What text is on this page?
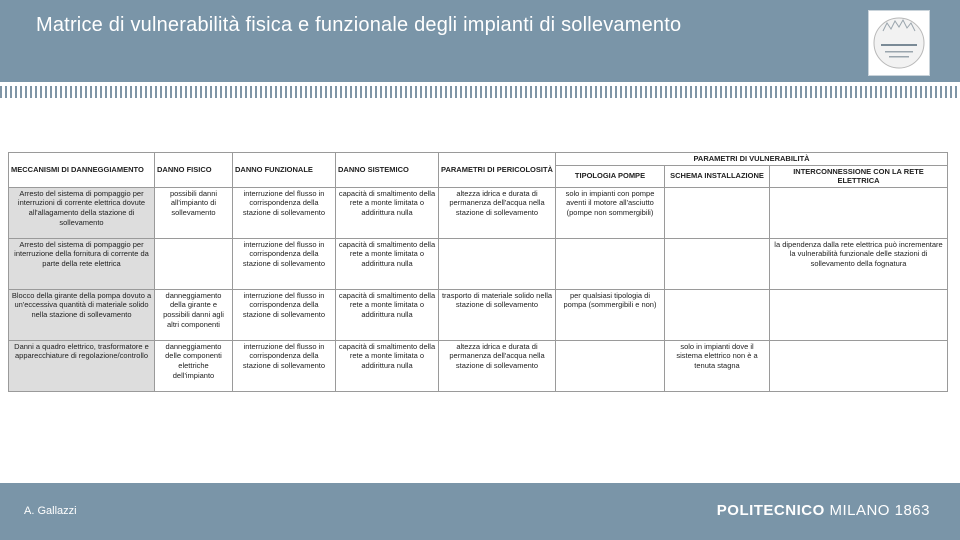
Matrice di vulnerabilità fisica e funzionale degli impianti di sollevamento
MECCANISMI DI DANNEGGIAMENTO	DANNO FISICO	DANNO FUNZIONALE	DANNO SISTEMICO	PARAMETRI DI PERICOLOSITÀ	PARAMETRI DI VULNERABILITÀ		
					TIPOLOGIA POMPE	SCHEMA INSTALLAZIONE	INTERCONNESSIONE CON LA RETE ELETTRICA
Arresto del sistema di pompaggio per interruzioni di corrente elettrica dovute all'allagamento della stazione di sollevamento	possibili danni all'impianto di sollevamento	interruzione del flusso in corrispondenza della stazione di sollevamento	capacità di smaltimento della rete a monte limitata o addirittura nulla	altezza idrica e durata di permanenza dell'acqua nella stazione di sollevamento	solo in impianti con pompe aventi il motore all'asciutto (pompe non sommergibili)		
Arresto del sistema di pompaggio per interruzione della fornitura di corrente da parte della rete elettrica		interruzione del flusso in corrispondenza della stazione di sollevamento	capacità di smaltimento della rete a monte limitata o addirittura nulla				la dipendenza dalla rete elettrica può incrementare la vulnerabilità funzionale delle stazioni di sollevamento della fognatura
Blocco della girante della pompa dovuto a un'eccessiva quantità di materiale solido nella stazione di sollevamento	danneggiamento della girante e possibili danni agli altri componenti	interruzione del flusso in corrispondenza della stazione di sollevamento	capacità di smaltimento della rete a monte limitata o addirittura nulla	trasporto di materiale solido nella stazione di sollevamento	per qualsiasi tipologia di pompa (sommergibili e non)		
Danni a quadro elettrico, trasformatore e apparecchiature di regolazione/controllo	danneggiamento delle componenti elettriche dell'impianto	interruzione del flusso in corrispondenza della stazione di sollevamento	capacità di smaltimento della rete a monte limitata o addirittura nulla	altezza idrica e durata di permanenza dell'acqua nella stazione di sollevamento		solo in impianti dove il sistema elettrico non è a tenuta stagna	
A. Gallazzi	POLITECNICO MILANO 1863
